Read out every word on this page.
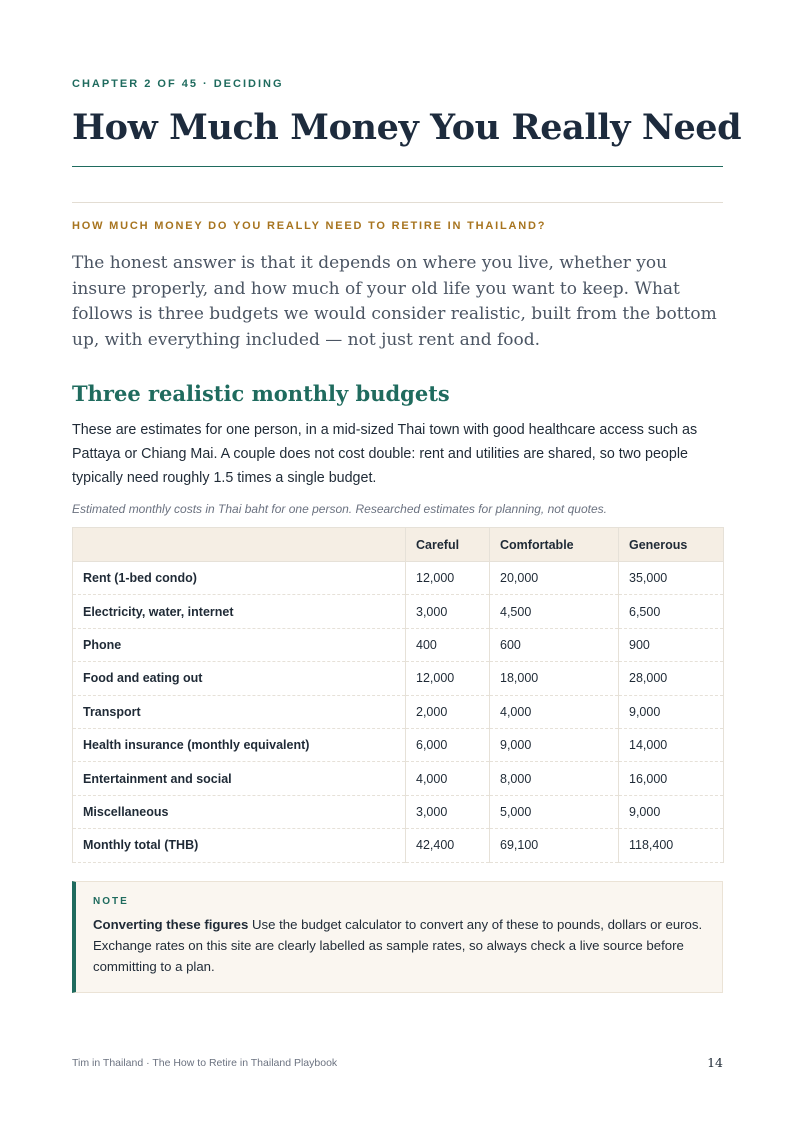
CHAPTER 2 OF 45 · DECIDING
How Much Money You Really Need
HOW MUCH MONEY DO YOU REALLY NEED TO RETIRE IN THAILAND?

The honest answer is that it depends on where you live, whether you insure properly, and how much of your old life you want to keep. What follows is three budgets we would consider realistic, built from the bottom up, with everything included — not just rent and food.

Three realistic monthly budgets

These are estimates for one person, in a mid-sized Thai town with good healthcare access such as Pattaya or Chiang Mai. A couple does not cost double: rent and utilities are shared, so two people typically need roughly 1.5 times a single budget.

Estimated monthly costs in Thai baht for one person. Researched estimates for planning, not quotes.

	Careful	Comfortable	Generous
Rent (1-bed condo)	12,000	20,000	35,000
Electricity, water, internet	3,000	4,500	6,500
Phone	400	600	900
Food and eating out	12,000	18,000	28,000
Transport	2,000	4,000	9,000
Health insurance (monthly equivalent)	6,000	9,000	14,000
Entertainment and social	4,000	8,000	16,000
Miscellaneous	3,000	5,000	9,000
Monthly total (THB)	42,400	69,100	118,400
NOTE

Converting these figures Use the budget calculator to convert any of these to pounds, dollars or euros. Exchange rates on this site are clearly labelled as sample rates, so always check a live source before committing to a plan.

Tim in Thailand · The How to Retire in Thailand Playbook	14
